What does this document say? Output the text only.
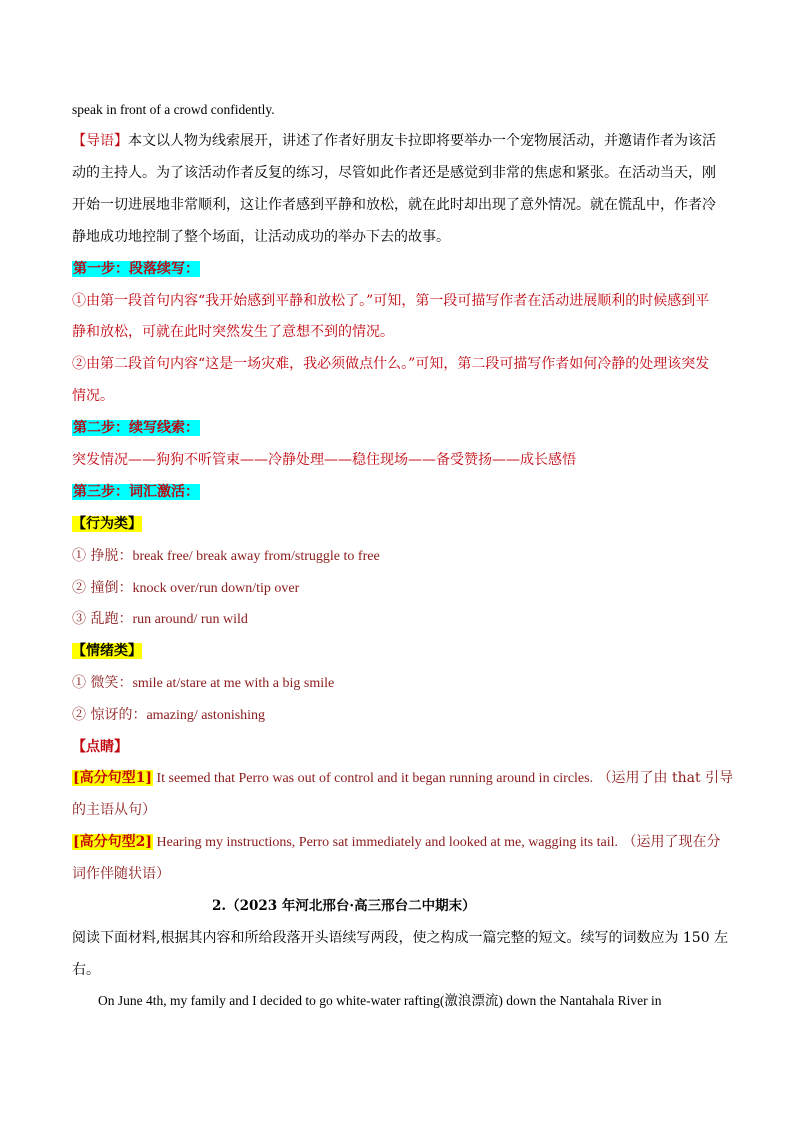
speak in front of a crowd confidently.
【导语】本文以人物为线索展开，讲述了作者好朋友卡拉即将要举办一个宠物展活动，并邀请作者为该活
动的主持人。为了该活动作者反复的练习，尽管如此作者还是感觉到非常的焦虑和紧张。在活动当天，刚
开始一切进展地非常顺利，这让作者感到平静和放松，就在此时却出现了意外情况。就在慌乱中，作者冷
静地成功地控制了整个场面，让活动成功的举办下去的故事。
第一步：段落续写：
①由第一段首句内容“我开始感到平静和放松了。”可知，第一段可描写作者在活动进展顺利的时候感到平
静和放松，可就在此时突然发生了意想不到的情况。
②由第二段首句内容“这是一场灾难，我必须做点什么。”可知，第二段可描写作者如何冷静的处理该突发
情况。
第二步：续写线索：
突发情况——狗狗不听管束——冷静处理——稳住现场——备受赞扬——成长感悟
第三步：词汇激活：
【行为类】
① 挣脱：break free/ break away from/struggle to free
② 撞倒：knock over/run down/tip over
③ 乱跑：run around/ run wild
【情绪类】
① 微笑：smile at/stare at me with a big smile
② 惊讶的：amazing/ astonishing
【点睛】
[高分句型1] It seemed that Perro was out of control and it began running around in circles. （运用了由 that 引导
的主语从句）
[高分句型2] Hearing my instructions, Perro sat immediately and looked at me, wagging its tail. （运用了现在分
词作伴随状语）
2.（2023 年河北邢台·高三邢台二中期末）
阅读下面材料,根据其内容和所给段落开头语续写两段，使之构成一篇完整的短文。续写的词数应为 150 左
右。
On June 4th, my family and I decided to go white-water rafting(激浪漂流) down the Nantahala River in
